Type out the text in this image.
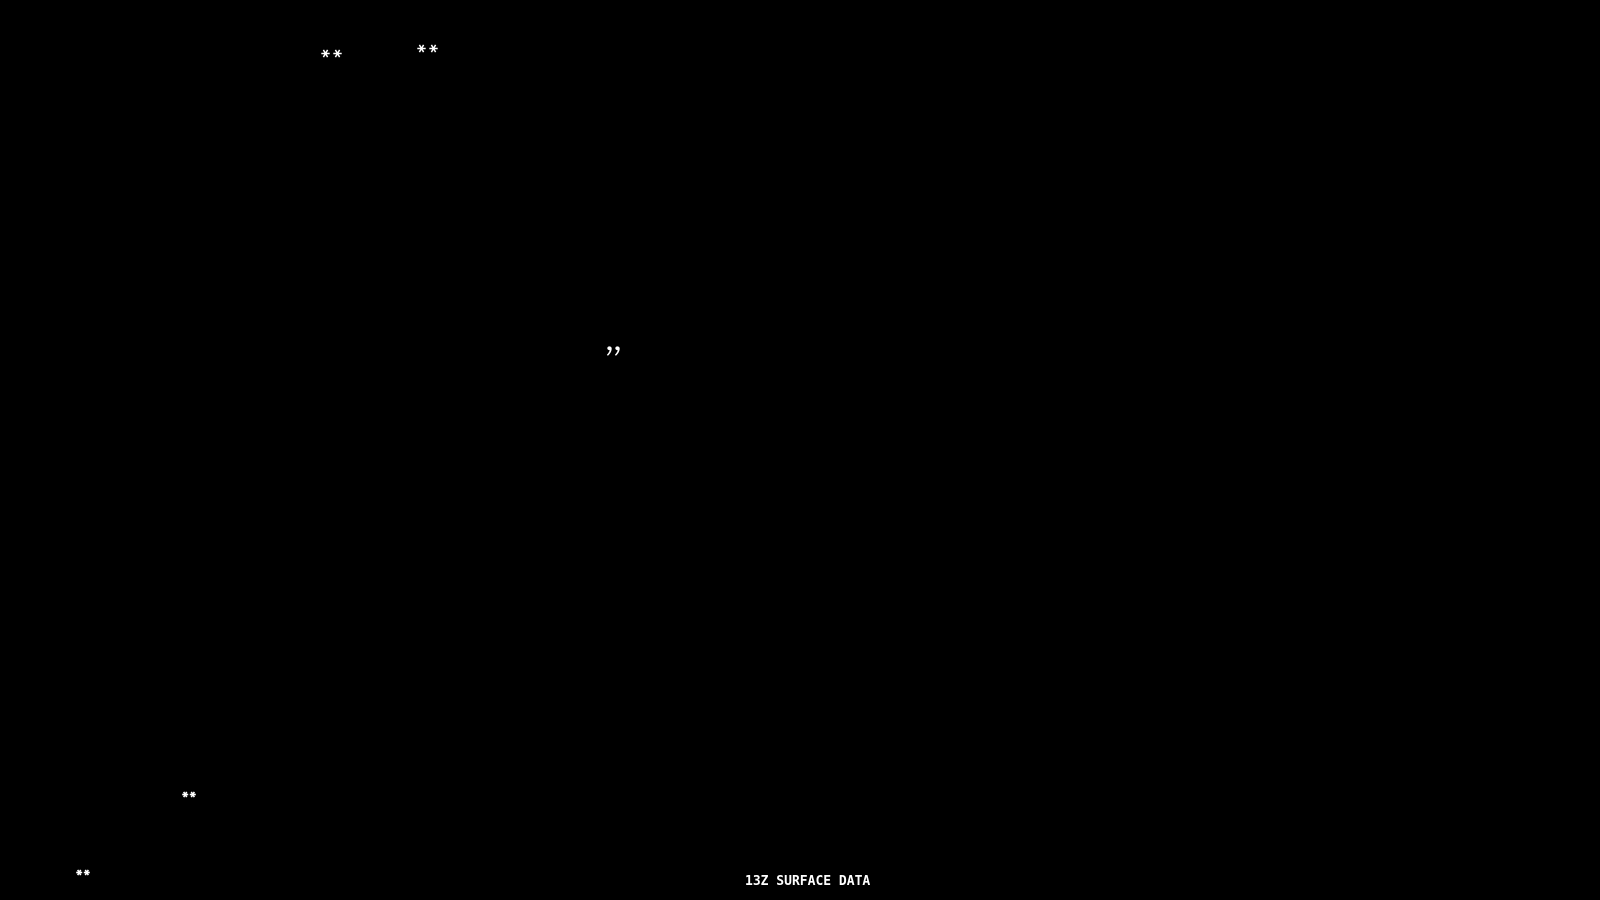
13Z SURFACE DATA
